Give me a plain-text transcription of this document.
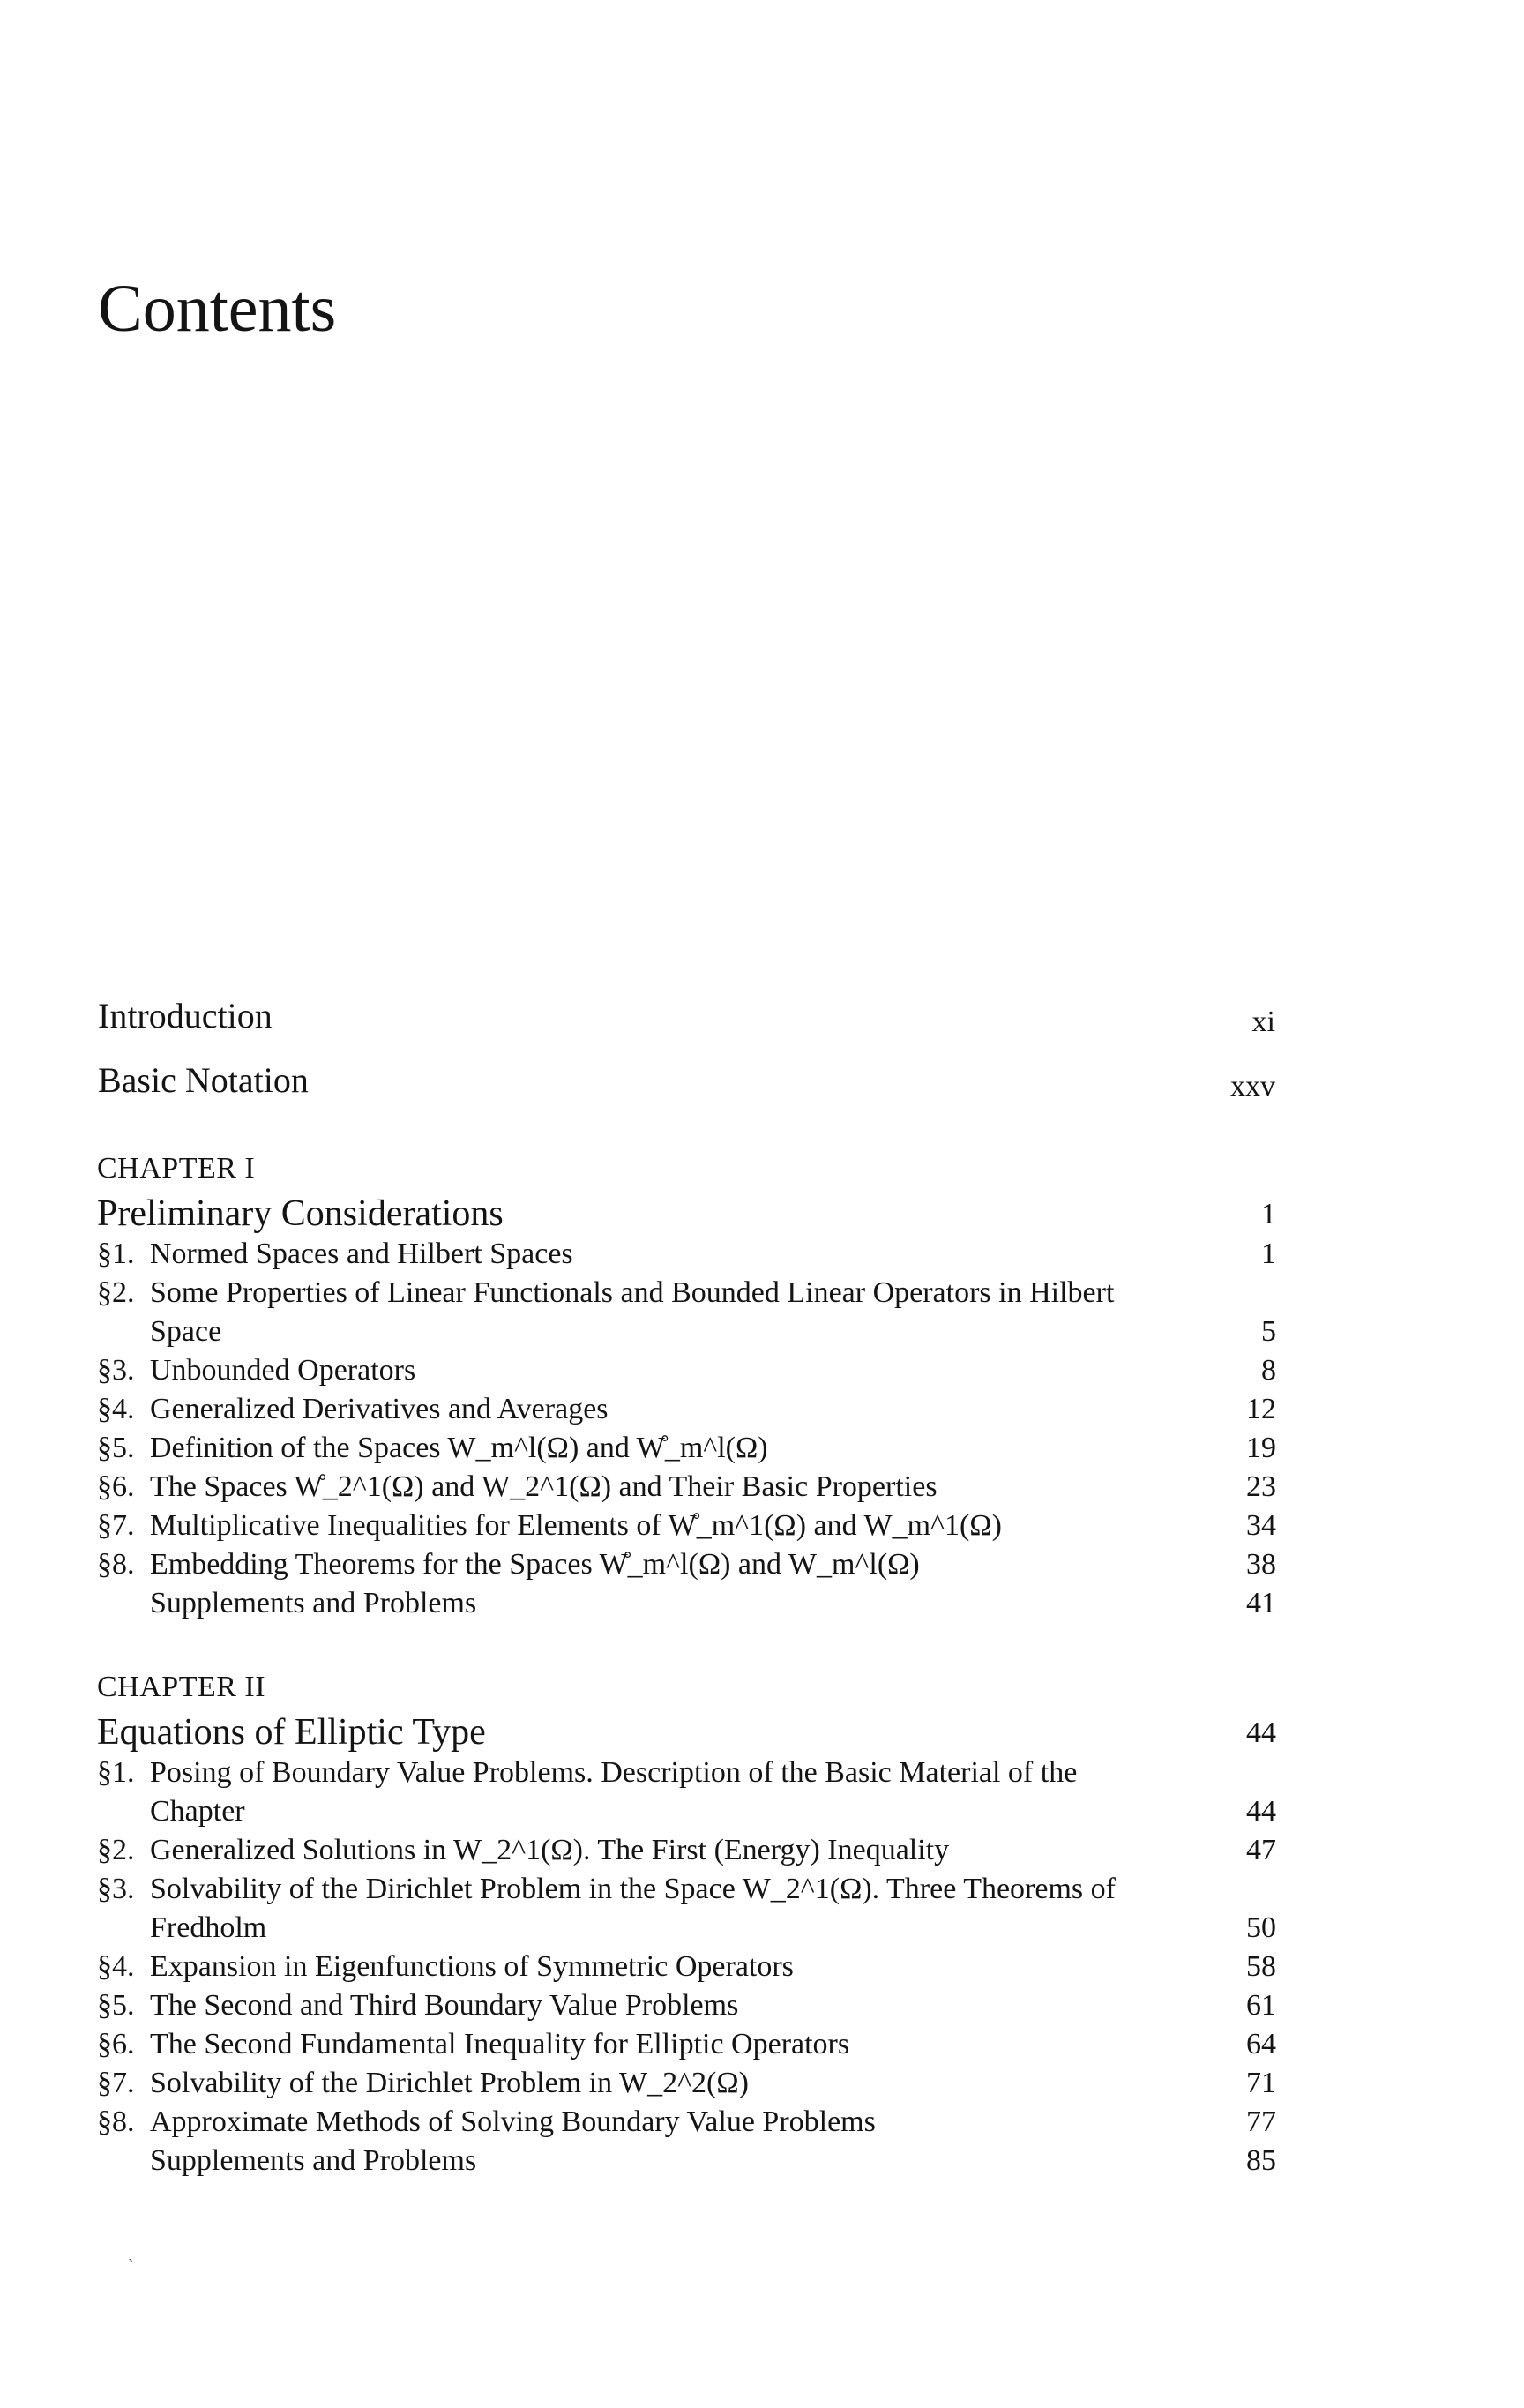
Contents
Introduction	xi
Basic Notation	xxv
CHAPTER I
Preliminary Considerations	1
§1. Normed Spaces and Hilbert Spaces	1
§2. Some Properties of Linear Functionals and Bounded Linear Operators in Hilbert Space	5
§3. Unbounded Operators	8
§4. Generalized Derivatives and Averages	12
§5. Definition of the Spaces W_m^l(Ω) and W̊_m^l(Ω)	19
§6. The Spaces W̊_2^1(Ω) and W_2^1(Ω) and Their Basic Properties	23
§7. Multiplicative Inequalities for Elements of W̊_m^1(Ω) and W_m^1(Ω)	34
§8. Embedding Theorems for the Spaces W̊_m^l(Ω) and W_m^l(Ω)	38
Supplements and Problems	41
CHAPTER II
Equations of Elliptic Type	44
§1. Posing of Boundary Value Problems. Description of the Basic Material of the Chapter	44
§2. Generalized Solutions in W_2^1(Ω). The First (Energy) Inequality	47
§3. Solvability of the Dirichlet Problem in the Space W_2^1(Ω). Three Theorems of Fredholm	50
§4. Expansion in Eigenfunctions of Symmetric Operators	58
§5. The Second and Third Boundary Value Problems	61
§6. The Second Fundamental Inequality for Elliptic Operators	64
§7. Solvability of the Dirichlet Problem in W_2^2(Ω)	71
§8. Approximate Methods of Solving Boundary Value Problems	77
Supplements and Problems	85
`
